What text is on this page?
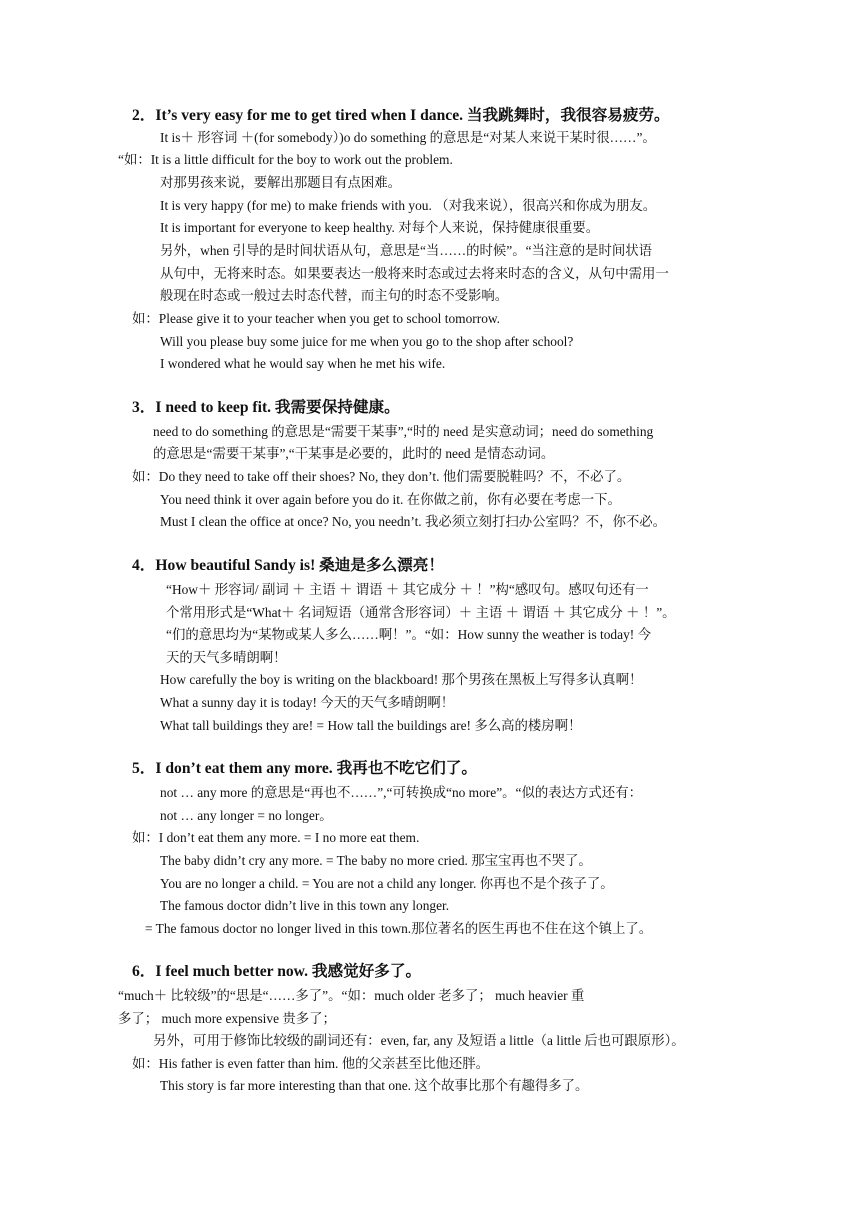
2．It’s very easy for me to get tired when I dance. 当我跳舞时，我很容易疲劳。
It is＋ 形容词 ＋(for somebody）)o do something 的意思是“对某人来说干某时很……”。
“如：It is a little difficult for the boy to work out the problem.
对那男孩来说，要解出那题目有点困难。
It is very happy (for me) to make friends with you. （对我来说），很高兴和你成为朋友。
It is important for everyone to keep healthy. 对每个人来说，保持健康很重要。
另外，when 引导的是时间状语从句，意思是“当……的时候”。“当注意的是时间状语
从句中，无将来时态。如果要表达一般将来时态或过去将来时态的含义，从句中需用一
般现在时态或一般过去时态代替，而主句的时态不受影响。
如：Please give it to your teacher when you get to school tomorrow.
Will you please buy some juice for me when you go to the shop after school?
I wondered what he would say when he met his wife.
3．I need to keep fit. 我需要保持健康。
need to do something 的意思是“需要干某事”,“时的 need 是实意动词；need do something
的意思是“需要干某事”,“干某事是必要的，此时的 need 是情态动词。
如：Do they need to take off their shoes? No, they don’t. 他们需要脱鞋吗？不，不必了。
You need think it over again before you do it. 在你做之前，你有必要在考虑一下。
Must I clean the office at once? No, you needn’t. 我必须立刻打扫办公室吗？不，你不必。
4．How beautiful Sandy is! 桑迪是多么漂亮！
“How＋ 形容词/ 副词 ＋ 主语 ＋ 谓语 ＋ 其它成分 ＋ ！”构“感叹句。感叹句还有一
个常用形式是“What＋ 名词短语（通常含形容词）＋ 主语 ＋ 谓语 ＋ 其它成分 ＋ ！”。
“们的意思均为“某物或某人多么……啊！”。“如：How sunny the weather is today! 今
天的天气多晴朗啊！
How carefully the boy is writing on the blackboard! 那个男孩在黑板上写得多认真啊！
What a sunny day it is today! 今天的天气多晴朗啊！
What tall buildings they are! = How tall the buildings are! 多么高的楼房啊！
5．I don’t eat them any more. 我再也不吃它们了。
not … any more 的意思是“再也不……”,“可转换成“no more”。“似的表达方式还有：
not … any longer = no longer。
如：I don’t eat them any more. = I no more eat them.
The baby didn’t cry any more. = The baby no more cried. 那宝宝再也不哭了。
You are no longer a child. = You are not a child any longer. 你再也不是个孩子了。
The famous doctor didn’t live in this town any longer.
= The famous doctor no longer lived in this town.那位著名的医生再也不住在这个镇上了。
6．I feel much better now. 我感觉好多了。
“much＋ 比较级”的“思是“……多了”。“如：much older 老多了； much heavier 重
多了； much more expensive 贵多了；
另外，可用于修饰比较级的副词还有：even, far, any 及短语 a little（a little 后也可跟原形）。
如：His father is even fatter than him. 他的父亲甚至比他还胖。
This story is far more interesting than that one. 这个故事比那个有趣得多了。
